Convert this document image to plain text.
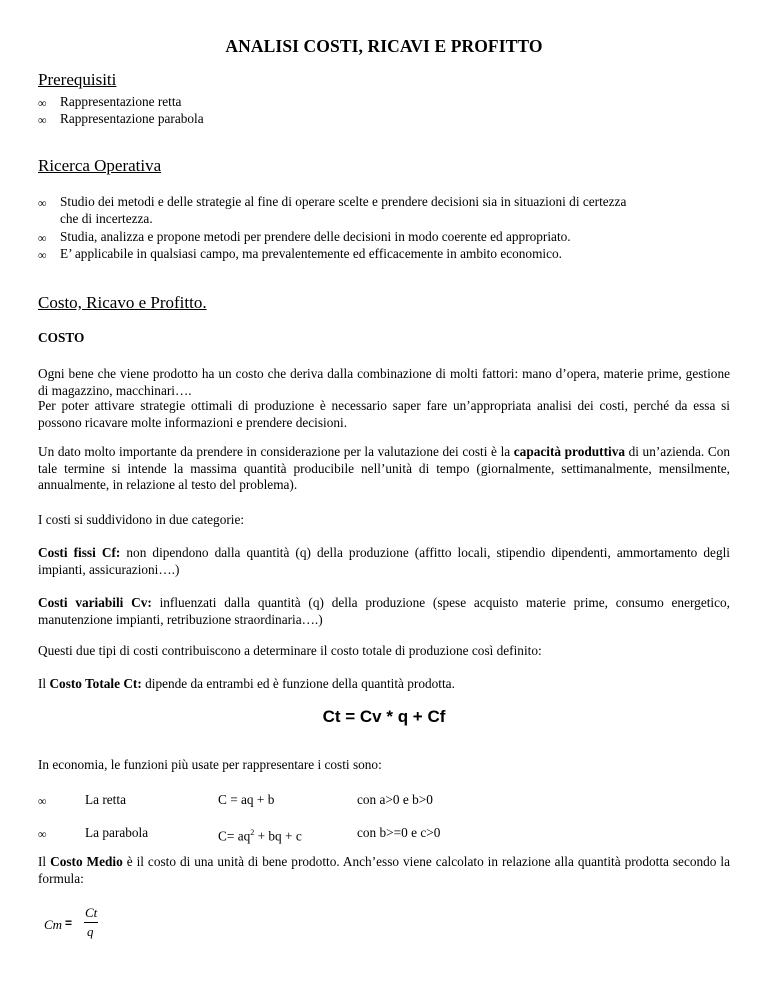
ANALISI COSTI, RICAVI E PROFITTO
Prerequisiti
∞ Rappresentazione retta
∞ Rappresentazione parabola
Ricerca Operativa
∞ Studio dei metodi e delle strategie al fine di operare scelte e prendere decisioni sia in situazioni di certezza
che di incertezza.
∞ Studia, analizza e propone metodi per prendere delle decisioni in modo coerente ed appropriato.
∞ E’ applicabile in qualsiasi campo, ma prevalentemente ed efficacemente in ambito economico.
Costo, Ricavo e Profitto.
COSTO
Ogni bene che viene prodotto ha un costo che deriva dalla combinazione di molti fattori: mano d’opera, materie prime, gestione di magazzino, macchinari….
Per poter attivare strategie ottimali di produzione è necessario saper fare un’appropriata analisi dei costi, perché da essa si possono ricavare molte informazioni e prendere decisioni.
Un dato molto importante da prendere in considerazione per la valutazione dei costi è la capacità produttiva di un’azienda. Con tale termine si intende la massima quantità producibile nell’unità di tempo (giornalmente, settimanalmente, mensilmente, annualmente, in relazione al testo del problema).
I costi si suddividono in due categorie:
Costi fissi Cf: non dipendono dalla quantità (q) della produzione (affitto locali, stipendio dipendenti, ammortamento degli impianti, assicurazioni….)
Costi variabili Cv: influenzati dalla quantità (q) della produzione (spese acquisto materie prime, consumo energetico, manutenzione impianti, retribuzione straordinaria….)
Questi due tipi di costi contribuiscono a determinare il costo totale di produzione così definito:
Il Costo Totale Ct: dipende da entrambi ed è funzione della quantità prodotta.
Ct = Cv * q + Cf
In economia, le funzioni più usate per rappresentare i costi sono:
∞	La retta	C = aq + b	con a>0 e b>0
∞	La parabola	$C= aq^2$ + bq + c	con b>=0 e c>0
Il Costo Medio è il costo di una unità di bene prodotto. Anch’esso viene calcolato in relazione alla quantità prodotta secondo la formula:
Cm =
Ct
q
